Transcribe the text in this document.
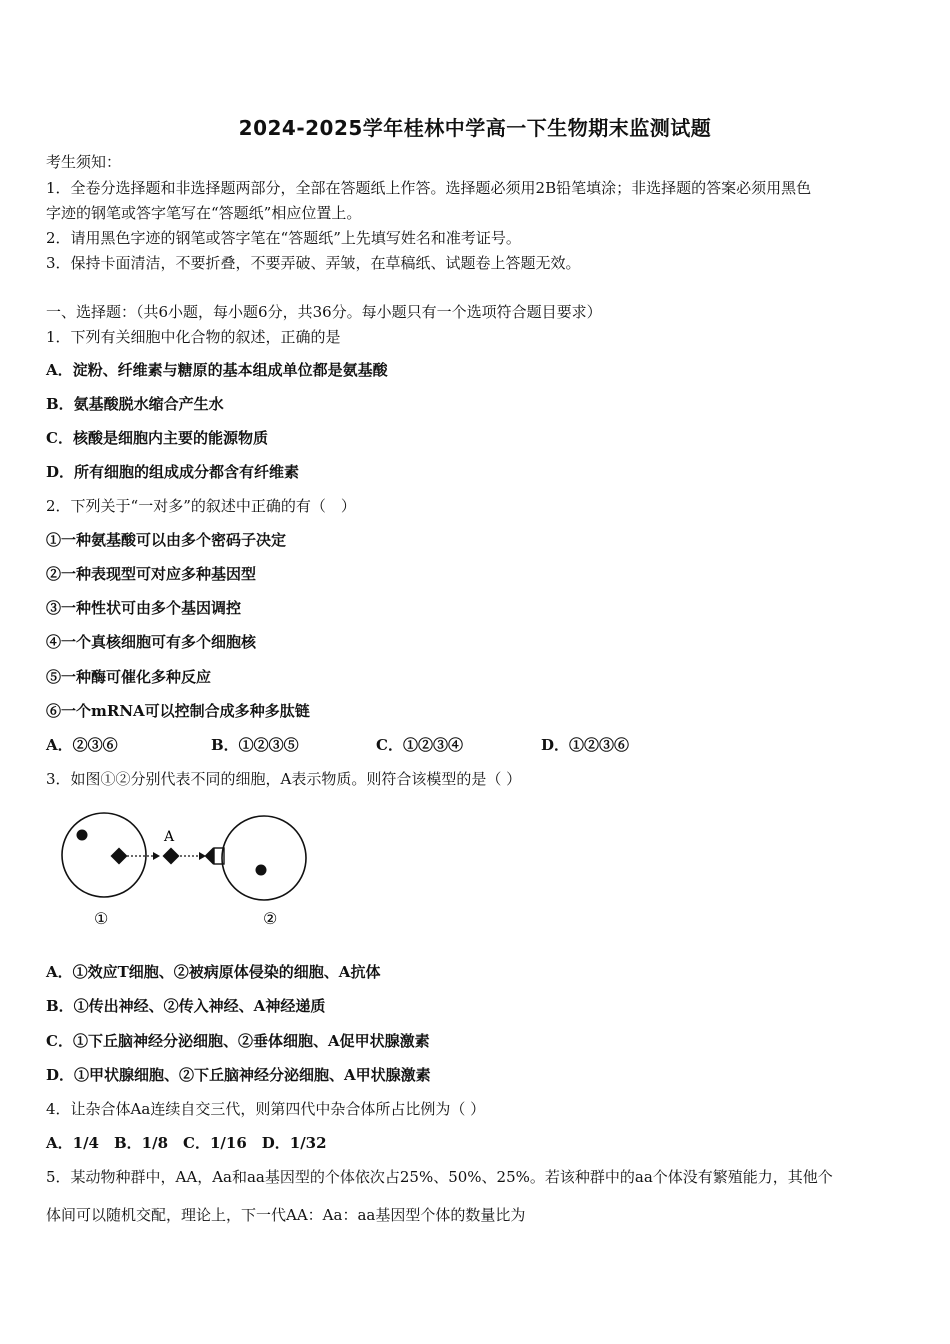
2024-2025学年桂林中学高一下生物期末监测试题
考生须知：
1．全卷分选择题和非选择题两部分，全部在答题纸上作答。选择题必须用2B铅笔填涂；非选择题的答案必须用黑色
字迹的钢笔或答字笔写在“答题纸”相应位置上。
2．请用黑色字迹的钢笔或答字笔在“答题纸”上先填写姓名和准考证号。
3．保持卡面清洁，不要折叠，不要弄破、弄皱，在草稿纸、试题卷上答题无效。
一、选择题：（共6小题，每小题6分，共36分。每小题只有一个选项符合题目要求）
1．下列有关细胞中化合物的叙述，正确的是
A．淀粉、纤维素与糖原的基本组成单位都是氨基酸
B．氨基酸脱水缩合产生水
C．核酸是细胞内主要的能源物质
D．所有细胞的组成成分都含有纤维素
2．下列关于“一对多”的叙述中正确的有（　）
①一种氨基酸可以由多个密码子决定
②一种表现型可对应多种基因型
③一种性状可由多个基因调控
④一个真核细胞可有多个细胞核
⑤一种酶可催化多种反应
⑥一个mRNA可以控制合成多种多肽链
A．②③⑥	B．①②③⑤	C．①②③④	D．①②③⑥
3．如图①②分别代表不同的细胞，A表示物质。则符合该模型的是（ ）
A
①	②
A．①效应T细胞、②被病原体侵染的细胞、A抗体
B．①传出神经、②传入神经、A神经递质
C．①下丘脑神经分泌细胞、②垂体细胞、A促甲状腺激素
D．①甲状腺细胞、②下丘脑神经分泌细胞、A甲状腺激素
4．让杂合体Aa连续自交三代，则第四代中杂合体所占比例为（ ）
A．1/4　B．1/8　C．1/16　D．1/32
5．某动物种群中，AA，Aa和aa基因型的个体依次占25%、50%、25%。若该种群中的aa个体没有繁殖能力，其他个
体间可以随机交配，理论上，下一代AA：Aa：aa基因型个体的数量比为
